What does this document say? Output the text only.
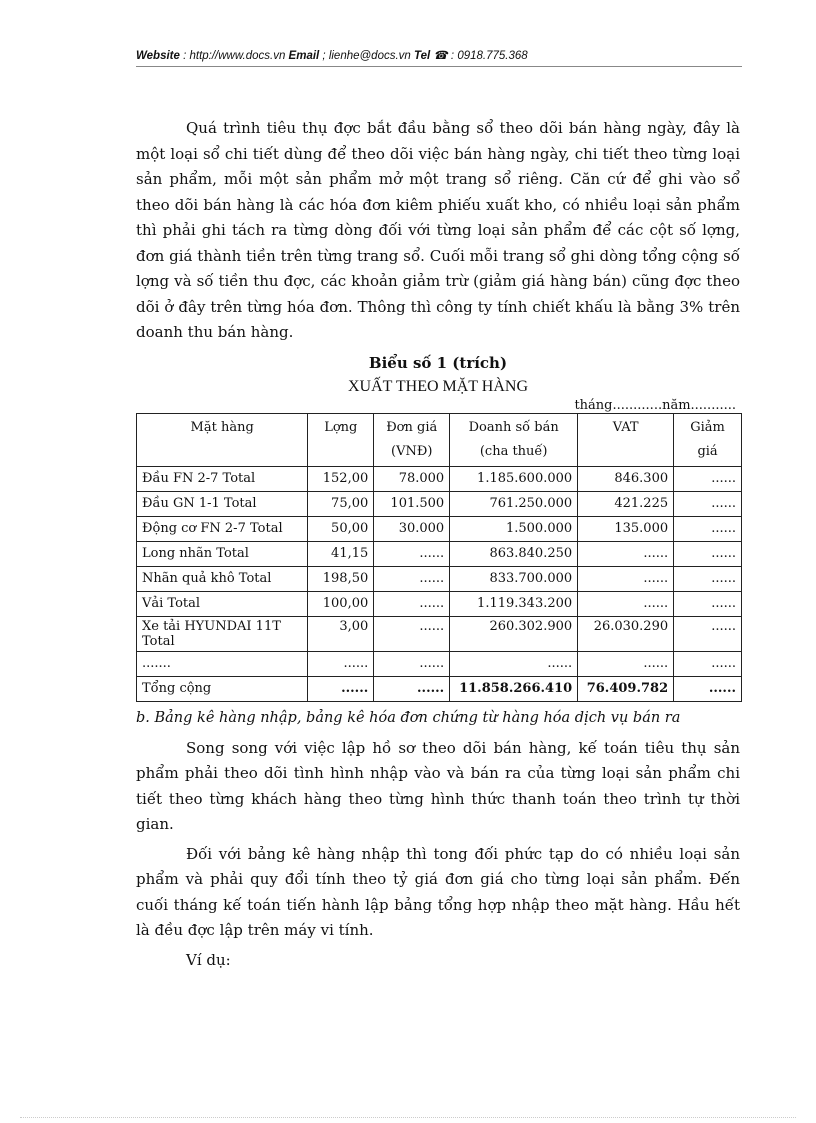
Website : http://www.docs.vn Email ; lienhe@docs.vn Tel ☎ : 0918.775.368

Quá trình tiêu thụ đợc bắt đầu bằng sổ theo dõi bán hàng ngày, đây là một loại sổ chi tiết dùng để theo dõi việc bán hàng ngày, chi tiết theo từng loại sản phẩm, mỗi một sản phẩm mở một trang sổ riêng. Căn cứ để ghi vào sổ theo dõi bán hàng là các hóa đơn kiêm phiếu xuất kho, có nhiều loại sản phẩm thì phải ghi tách ra từng dòng đối với từng loại sản phẩm để các cột số lợng, đơn giá thành tiền trên từng trang sổ. Cuối mỗi trang sổ ghi dòng tổng cộng số lợng và số tiền thu đợc, các khoản giảm trừ (giảm giá hàng bán) cũng đợc theo dõi ở đây trên từng hóa đơn. Thông thì công ty tính chiết khấu là bằng 3% trên doanh thu bán hàng.

Biểu số 1 (trích)
XUẤT THEO MẶT HÀNG
tháng............năm...........
Mặt hàng	Lợng	Đơn giá (VNĐ)	Doanh số bán (cha thuế)	VAT	Giảm giá
Đầu FN 2-7 Total	152,00	78.000	1.185.600.000	846.300	......
Đầu GN 1-1 Total	75,00	101.500	761.250.000	421.225	......
Động cơ FN 2-7 Total	50,00	30.000	1.500.000	135.000	......
Long nhãn Total	41,15	......	863.840.250	......	......
Nhãn quả khô Total	198,50	......	833.700.000	......	......
Vải Total	100,00	......	1.119.343.200	......	......
Xe tải HYUNDAI 11T Total	3,00	......	260.302.900	26.030.290	......
.......	......	......	......	......	......
Tổng cộng	......	......	11.858.266.410	76.409.782	......
b. Bảng kê hàng nhập, bảng kê hóa đơn chứng từ hàng hóa dịch vụ bán ra

Song song với việc lập hồ sơ theo dõi bán hàng, kế toán tiêu thụ sản phẩm phải theo dõi tình hình nhập vào và bán ra của từng loại sản phẩm chi tiết theo từng khách hàng theo từng hình thức thanh toán theo trình tự thời gian.

Đối với bảng kê hàng nhập thì tong đối phức tạp do có nhiều loại sản phẩm và phải quy đổi tính theo tỷ giá đơn giá cho từng loại sản phẩm. Đến cuối tháng kế toán tiến hành lập bảng tổng hợp nhập theo mặt hàng. Hầu hết là đều đợc lập trên máy vi tính.

Ví dụ:
